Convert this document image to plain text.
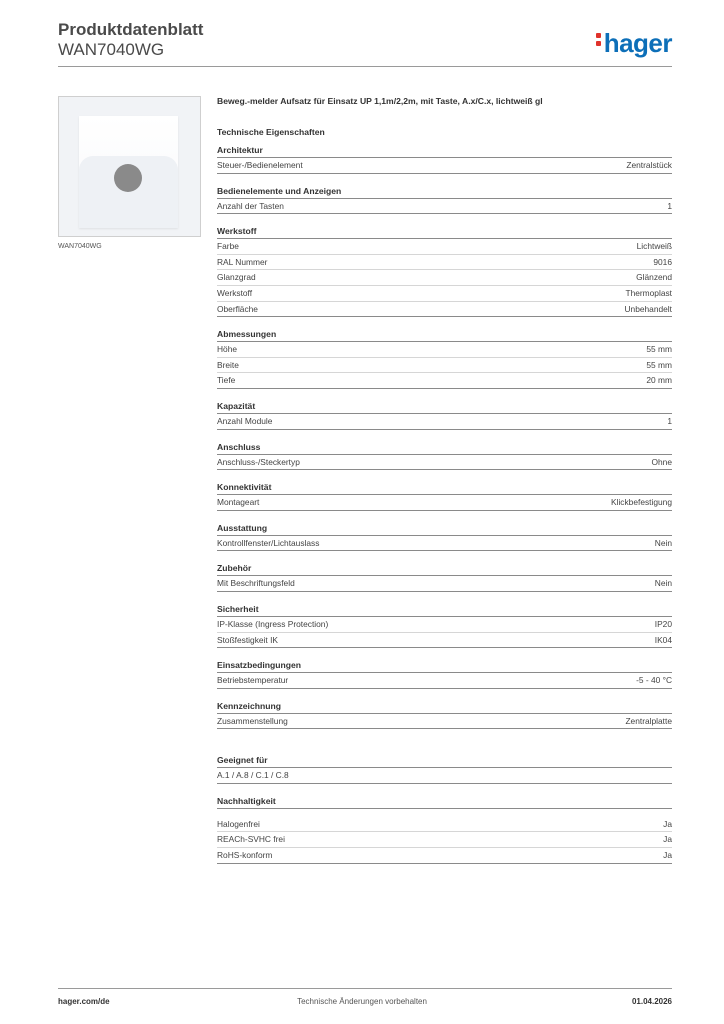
Produktdatenblatt
WAN7040WG	hager
WAN7040WG
Beweg.-melder Aufsatz für Einsatz UP 1,1m/2,2m, mit Taste, A.x/C.x, lichtweiß gl
Technische Eigenschaften
Architektur
Steuer-/Bedienelement	Zentralstück
Bedienelemente und Anzeigen
Anzahl der Tasten	1
Werkstoff
Farbe	Lichtweiß
RAL Nummer	9016
Glanzgrad	Glänzend
Werkstoff	Thermoplast
Oberfläche	Unbehandelt
Abmessungen
Höhe	55 mm
Breite	55 mm
Tiefe	20 mm
Kapazität
Anzahl Module	1
Anschluss
Anschluss-/Steckertyp	Ohne
Konnektivität
Montageart	Klickbefestigung
Ausstattung
Kontrollfenster/Lichtauslass	Nein
Zubehör
Mit Beschriftungsfeld	Nein
Sicherheit
IP-Klasse (Ingress Protection)	IP20
Stoßfestigkeit IK	IK04
Einsatzbedingungen
Betriebstemperatur	-5 - 40 °C
Kennzeichnung
Zusammenstellung	Zentralplatte
Geeignet für
A.1 / A.8 / C.1 / C.8
Nachhaltigkeit
Halogenfrei	Ja
REACh-SVHC frei	Ja
RoHS-konform	Ja
hager.com/de	Technische Änderungen vorbehalten	01.04.2026
